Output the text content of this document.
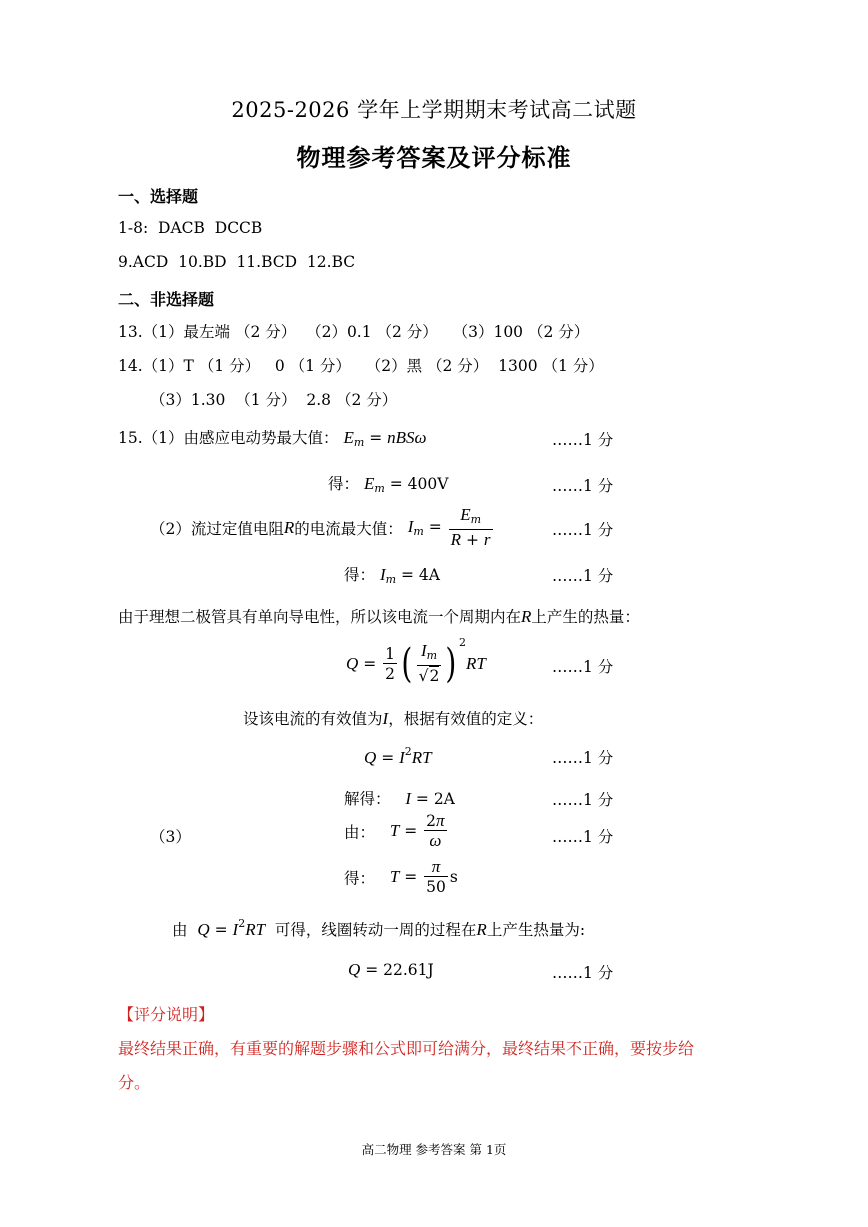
2025-2026 学年上学期期末考试高二试题
物理参考答案及评分标准
一、选择题
1-8:  DACB  DCCB
9.ACD  10.BD  11.BCD  12.BC
二、非选择题
13.（1）最左端 （2 分）  （2）0.1 （2 分）   （3）100 （2 分）
14.（1）T （1 分）   0 （1 分）   （2）黑 （2 分）  1300 （1 分）
（3）1.30  （1 分）  2.8 （2 分）
15.（1）由感应电动势最大值： $E_m = nBS\omega$	……1 分
得： $E_m = 400V$	……1 分
（2）流过定值电阻R的电流最大值： $I_m = \frac{E_m}{R + r}$	……1 分
得： $I_m = 4A$	……1 分
由于理想二极管具有单向导电性，所以该电流一个周期内在R上产生的热量：
$Q = \frac{1}{2}$ ( $\frac{I_m}{√2}$ ) $^2$RT	……1 分
设该电流的有效值为I，根据有效值的定义：
$Q = I^2RT$	……1 分
解得： I = 2A	……1 分
（3）	由： $T = \frac{2\pi}{\omega}$	……1 分
得： $T = \frac{\pi}{50}$ s
由 $Q = I^2RT$ 可得，线圈转动一周的过程在R上产生热量为:
Q = 22.61J	……1 分
【评分说明】
最终结果正确，有重要的解题步骤和公式即可给满分，最终结果不正确，要按步给
分。
高二物理 参考答案 第 1页
